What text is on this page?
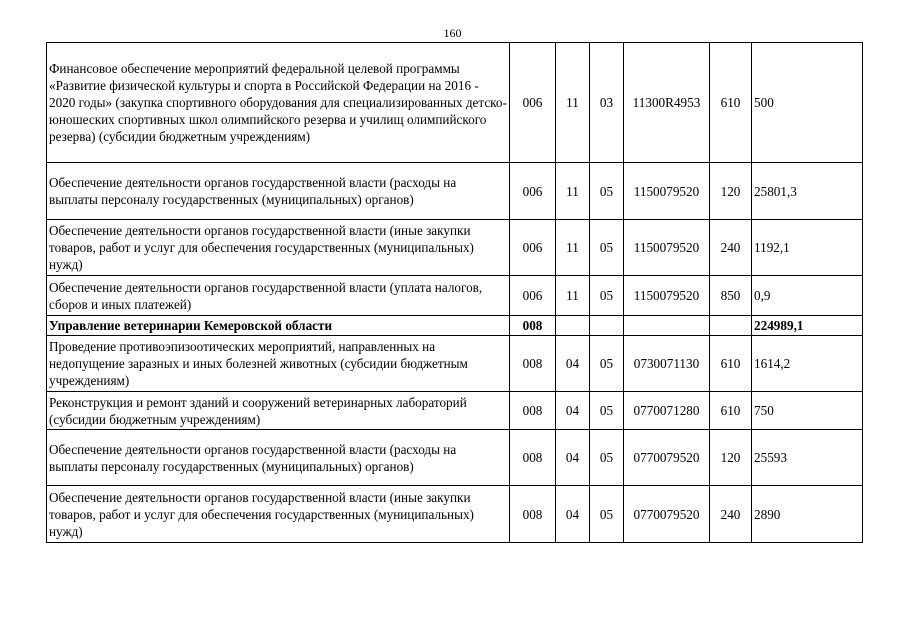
160
Финансовое обеспечение мероприятий федеральной целевой программы «Развитие физической культуры и спорта в Российской Федерации на 2016 - 2020 годы» (закупка спортивного оборудования для специализированных детско-юношеских спортивных школ олимпийского резерва и училищ олимпийского резерва) (субсидии бюджетным учреждениям)	006	11	03	11300R4953	610	500
Обеспечение деятельности органов государственной власти (расходы на выплаты персоналу государственных (муниципальных) органов)	006	11	05	1150079520	120	25801,3
Обеспечение деятельности органов государственной власти (иные закупки товаров, работ и услуг для обеспечения государственных (муниципальных) нужд)	006	11	05	1150079520	240	1192,1
Обеспечение деятельности органов государственной власти (уплата налогов, сборов и иных платежей)	006	11	05	1150079520	850	0,9
Управление ветеринарии Кемеровской области	008					224989,1
Проведение противоэпизоотических мероприятий, направленных на недопущение заразных и иных болезней животных (субсидии бюджетным учреждениям)	008	04	05	0730071130	610	1614,2
Реконструкция и ремонт зданий и сооружений ветеринарных лабораторий (субсидии бюджетным учреждениям)	008	04	05	0770071280	610	750
Обеспечение деятельности органов государственной власти (расходы на выплаты персоналу государственных (муниципальных) органов)	008	04	05	0770079520	120	25593
Обеспечение деятельности органов государственной власти (иные закупки товаров, работ и услуг для обеспечения государственных (муниципальных) нужд)	008	04	05	0770079520	240	2890
